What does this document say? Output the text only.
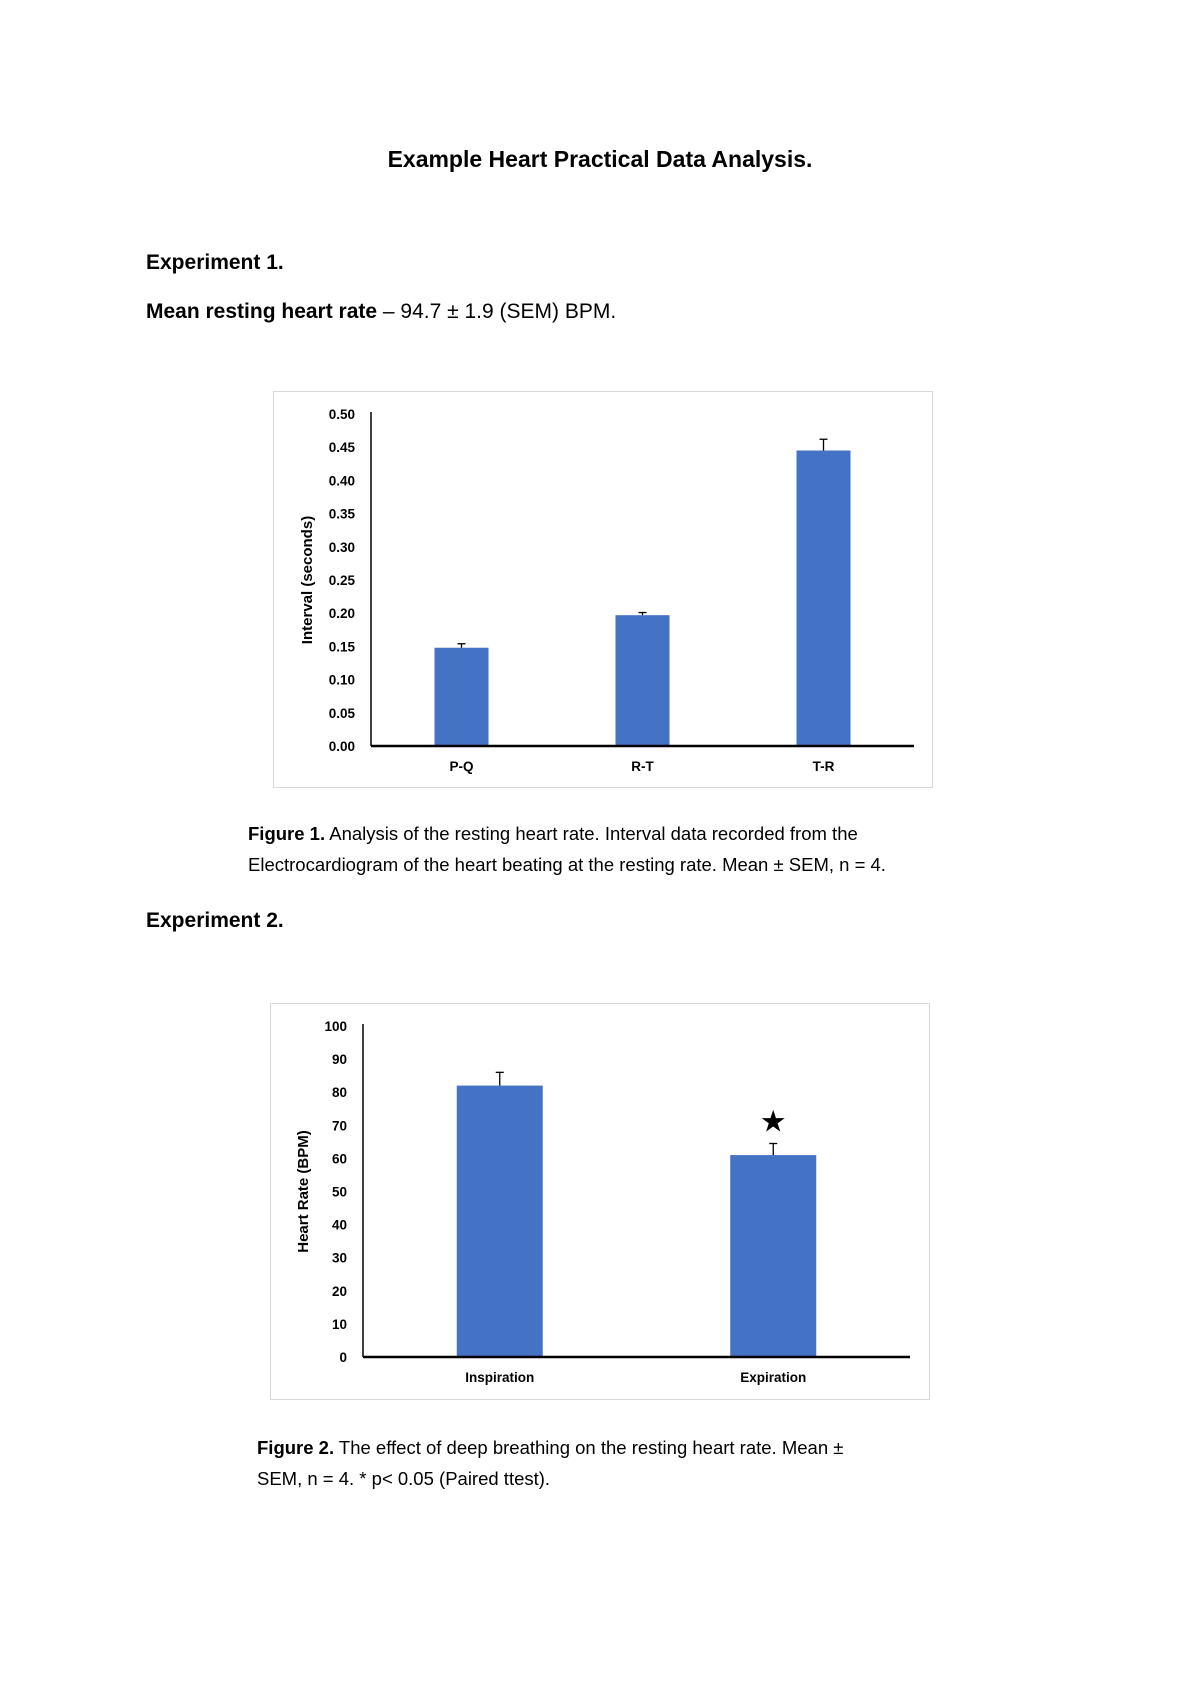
Example Heart Practical Data Analysis.
Experiment 1.
Mean resting heart rate – 94.7 ± 1.9 (SEM) BPM.
0.00
0.05
0.10
0.15
0.20
0.25
0.30
0.35
0.40
0.45
0.50
Interval (seconds)
P-Q	R-T	T-R
Figure 1. Analysis of the resting heart rate. Interval data recorded from the
Electrocardiogram of the heart beating at the resting rate. Mean ± SEM, n = 4.
Experiment 2.
0
10
20
30
40
50
60
70
80
90
100
Heart Rate (BPM)
Inspiration	Expiration
★
Figure 2. The effect of deep breathing on the resting heart rate. Mean ±
SEM, n = 4. * p< 0.05 (Paired ttest).
